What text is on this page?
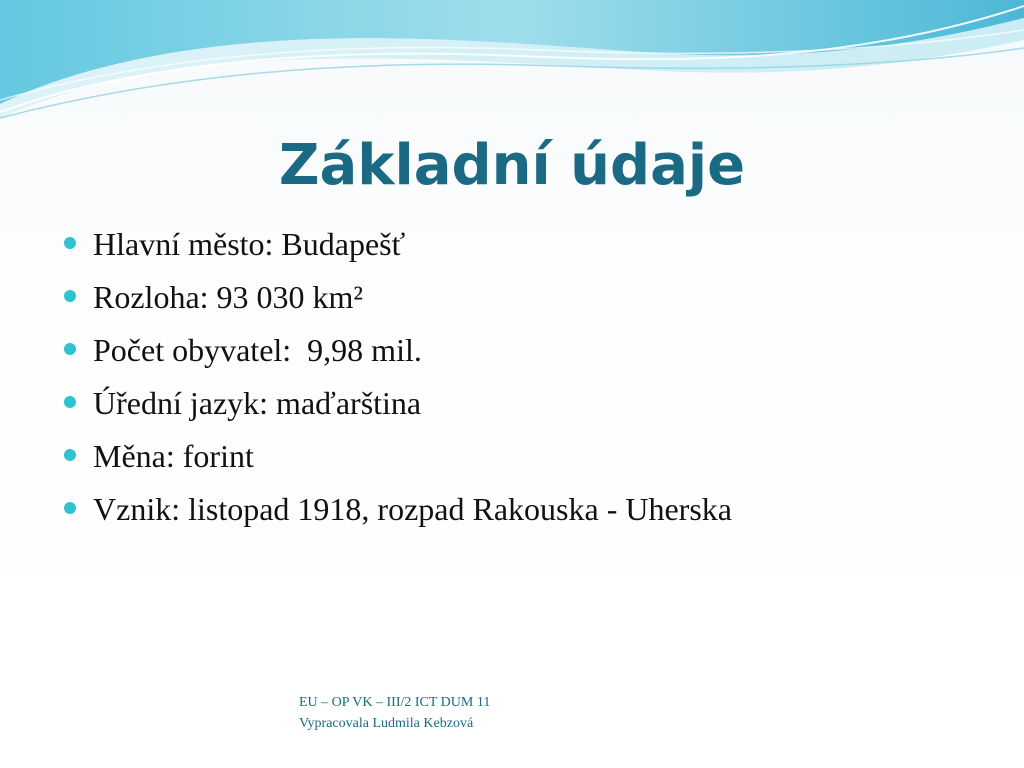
Základní údaje
Hlavní město: Budapešť
Rozloha: 93 030 km²
Počet obyvatel:  9,98 mil.
Úřední jazyk: maďarština
Měna: forint
Vznik: listopad 1918, rozpad Rakouska - Uherska
EU – OP VK – III/2 ICT DUM 11
Vypracovala Ludmila Kebzová
